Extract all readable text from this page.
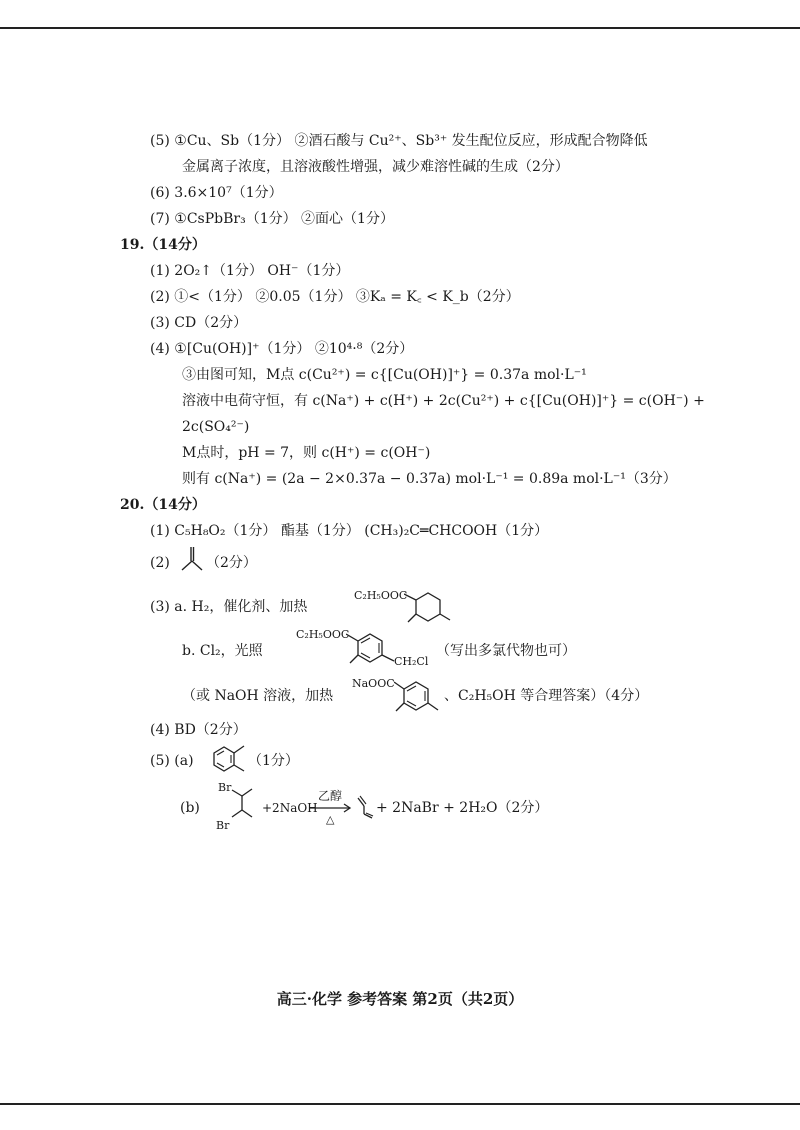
(5) ①Cu、Sb（1分） ②酒石酸与 Cu²⁺、Sb³⁺ 发生配位反应，形成配合物降低
金属离子浓度，且溶液酸性增强，减少难溶性碱的生成（2分）
(6) 3.6×10⁷（1分）
(7) ①CsPbBr₃（1分） ②面心（1分）
19.（14分）
(1) 2O₂↑（1分） OH⁻（1分）
(2) ①<（1分） ②0.05（1分） ③Kₐ = K꜀ < K_b（2分）
(3) CD（2分）
(4) ①[Cu(OH)]⁺（1分） ②10⁴·⁸（2分）
③由图可知，M点 c(Cu²⁺) = c{[Cu(OH)]⁺} = 0.37a mol·L⁻¹
溶液中电荷守恒，有 c(Na⁺) + c(H⁺) + 2c(Cu²⁺) + c{[Cu(OH)]⁺} = c(OH⁻) +
2c(SO₄²⁻)
M点时，pH = 7，则 c(H⁺) = c(OH⁻)
则有 c(Na⁺) = (2a − 2×0.37a − 0.37a) mol·L⁻¹ = 0.89a mol·L⁻¹（3分）
20.（14分）
(1) C₅H₈O₂（1分） 酯基（1分） (CH₃)₂C═CHCOOH（1分）
(2)	（2分）
(3) a. H₂，催化剂、加热
C₂H₅OOC
b. Cl₂，光照
C₂H₅OOC
CH₂Cl
（写出多氯代物也可）
（或 NaOH 溶液，加热
NaOOC
、C₂H₅OH 等合理答案）（4分）
(4) BD（2分）
(5) (a)	（1分）
(b)
Br
Br
+2NaOH
乙醇
△
+ 2NaBr + 2H₂O（2分）
高三·化学 参考答案 第2页（共2页）
